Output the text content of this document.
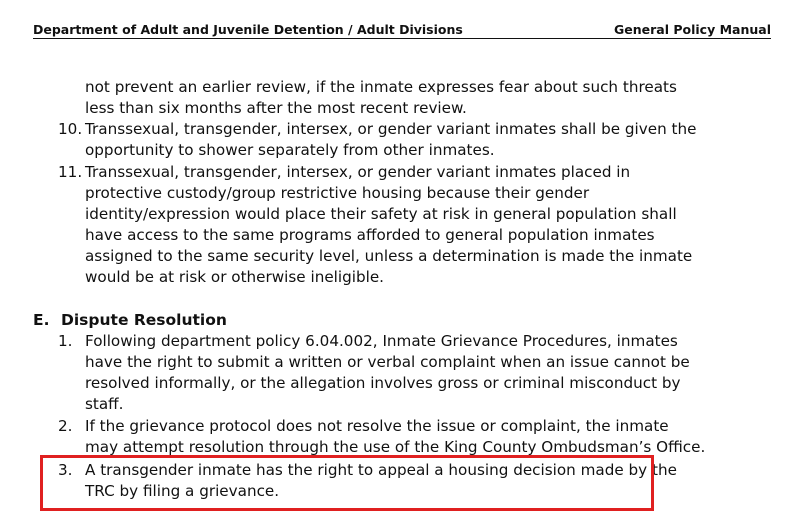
Department of Adult and Juvenile Detention / Adult Divisions	General Policy Manual
not prevent an earlier review, if the inmate expresses fear about such threats
less than six months after the most recent review.
10. Transsexual, transgender, intersex, or gender variant inmates shall be given the
opportunity to shower separately from other inmates.
11. Transsexual, transgender, intersex, or gender variant inmates placed in
protective custody/group restrictive housing because their gender
identity/expression would place their safety at risk in general population shall
have access to the same programs afforded to general population inmates
assigned to the same security level, unless a determination is made the inmate
would be at risk or otherwise ineligible.
E. Dispute Resolution
1. Following department policy 6.04.002, Inmate Grievance Procedures, inmates
have the right to submit a written or verbal complaint when an issue cannot be
resolved informally, or the allegation involves gross or criminal misconduct by
staff.
2. If the grievance protocol does not resolve the issue or complaint, the inmate
may attempt resolution through the use of the King County Ombudsman’s Office.
3. A transgender inmate has the right to appeal a housing decision made by the
TRC by filing a grievance.
